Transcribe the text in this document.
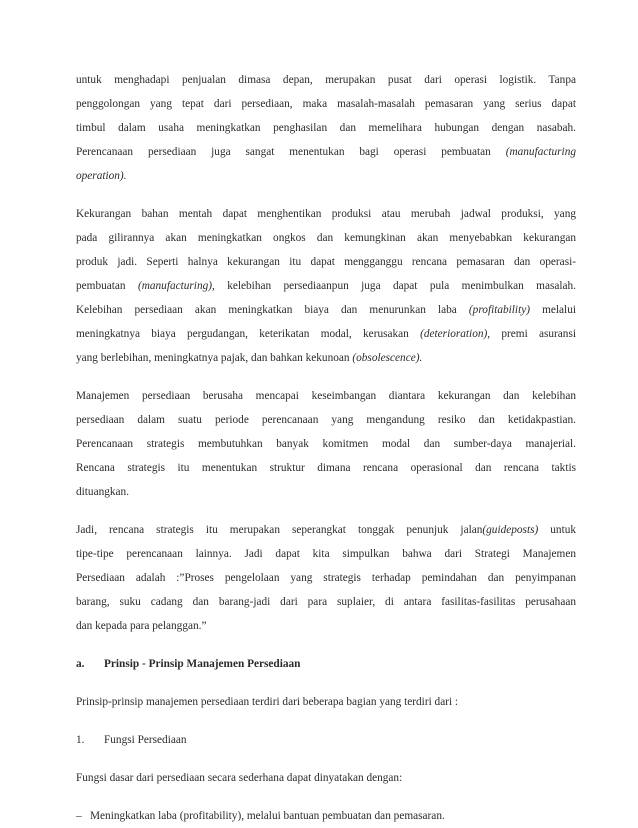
untuk menghadapi penjualan dimasa depan, merupakan pusat dari operasi logistik. Tanpa
penggolongan yang tepat dari persediaan, maka masalah-masalah pemasaran yang serius dapat
timbul dalam usaha meningkatkan penghasilan dan memelihara hubungan dengan nasabah.
Perencanaan persediaan juga sangat menentukan bagi operasi pembuatan (manufacturing
operation).
Kekurangan bahan mentah dapat menghentikan produksi atau merubah jadwal produksi, yang
pada gilirannya akan meningkatkan ongkos dan kemungkinan akan menyebabkan kekurangan
produk jadi. Seperti halnya kekurangan itu dapat mengganggu rencana pemasaran dan operasi-
pembuatan (manufacturing), kelebihan persediaanpun juga dapat pula menimbulkan masalah.
Kelebihan persediaan akan meningkatkan biaya dan menurunkan laba (profitability) melalui
meningkatnya biaya pergudangan, keterikatan modal, kerusakan (deterioration), premi asuransi
yang berlebihan, meningkatnya pajak, dan bahkan kekunoan (obsolescence).
Manajemen persediaan berusaha mencapai keseimbangan diantara kekurangan dan kelebihan
persediaan dalam suatu periode perencanaan yang mengandung resiko dan ketidakpastian.
Perencanaan strategis membutuhkan banyak komitmen modal dan sumber-daya manajerial.
Rencana strategis itu menentukan struktur dimana rencana operasional dan rencana taktis
dituangkan.
Jadi, rencana strategis itu merupakan seperangkat tonggak penunjuk jalan(guideposts) untuk
tipe-tipe perencanaan lainnya. Jadi dapat kita simpulkan bahwa dari Strategi Manajemen
Persediaan adalah :”Proses pengelolaan yang strategis terhadap pemindahan dan penyimpanan
barang, suku cadang dan barang-jadi dari para suplaier, di antara fasilitas-fasilitas perusahaan
dan kepada para pelanggan.”
a. Prinsip - Prinsip Manajemen Persediaan
Prinsip-prinsip manajemen persediaan terdiri dari beberapa bagian yang terdiri dari :
1. Fungsi Persediaan
Fungsi dasar dari persediaan secara sederhana dapat dinyatakan dengan:
– Meningkatkan laba (profitability), melalui bantuan pembuatan dan pemasaran.
